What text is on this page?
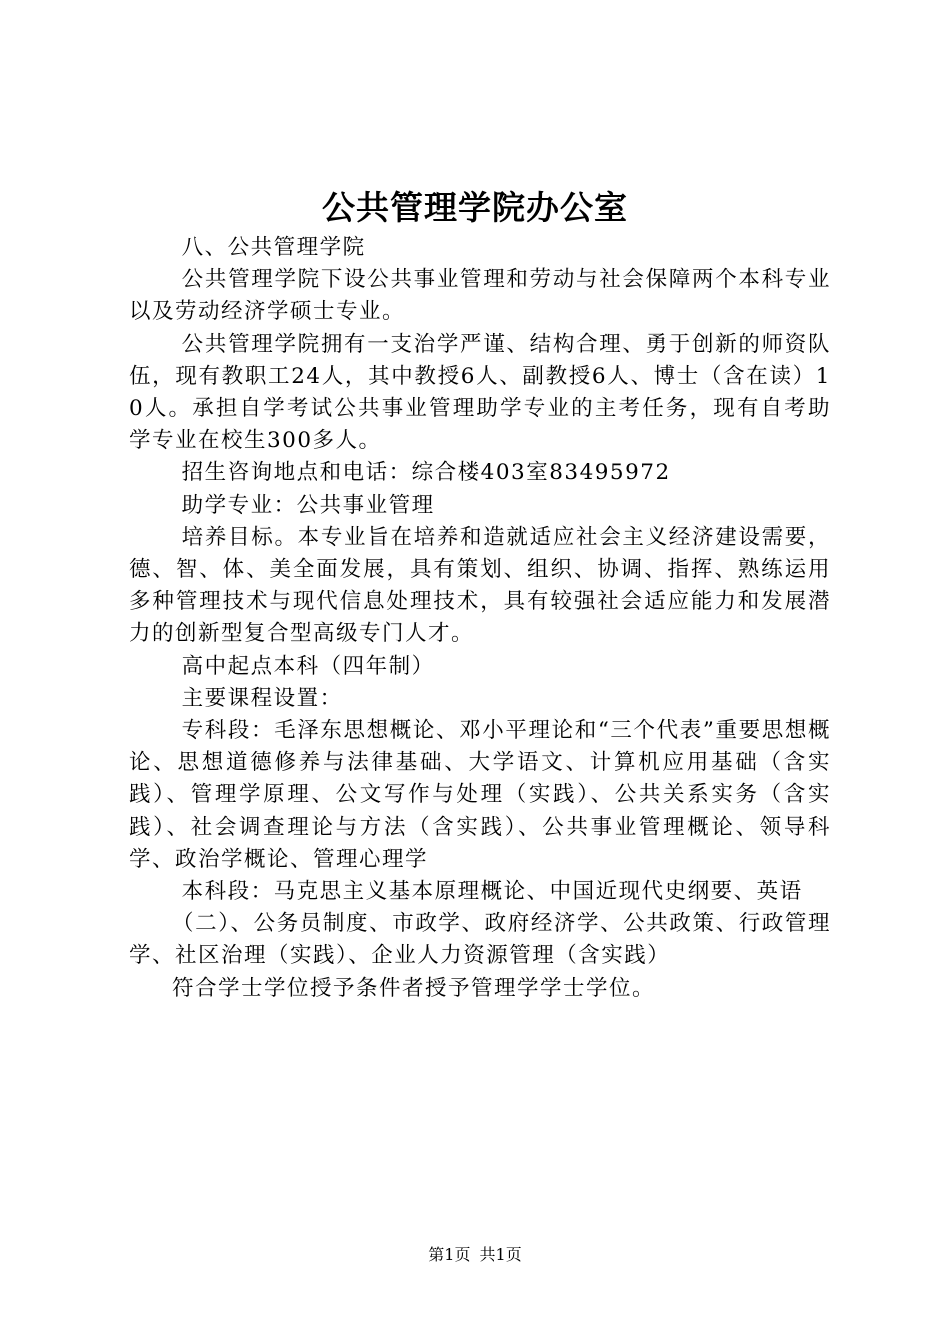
公共管理学院办公室

八、公共管理学院

公共管理学院下设公共事业管理和劳动与社会保障两个本科专业以及劳动经济学硕士专业。

公共管理学院拥有一支治学严谨、结构合理、勇于创新的师资队伍，现有教职工24人，其中教授6人、副教授6人、博士（含在读）10人。承担自学考试公共事业管理助学专业的主考任务，现有自考助学专业在校生300多人。

招生咨询地点和电话：综合楼403室83495972

助学专业：公共事业管理

培养目标。本专业旨在培养和造就适应社会主义经济建设需要，德、智、体、美全面发展，具有策划、组织、协调、指挥、熟练运用多种管理技术与现代信息处理技术，具有较强社会适应能力和发展潜力的创新型复合型高级专门人才。

高中起点本科（四年制）

主要课程设置：

专科段：毛泽东思想概论、邓小平理论和“三个代表”重要思想概论、思想道德修养与法律基础、大学语文、计算机应用基础（含实践）、管理学原理、公文写作与处理（实践）、公共关系实务（含实践）、社会调查理论与方法（含实践）、公共事业管理概论、领导科学、政治学概论、管理心理学

本科段：马克思主义基本原理概论、中国近现代史纲要、英语

（二）、公务员制度、市政学、政府经济学、公共政策、行政管理学、社区治理（实践）、企业人力资源管理（含实践）

符合学士学位授予条件者授予管理学学士学位。

第1页 共1页
